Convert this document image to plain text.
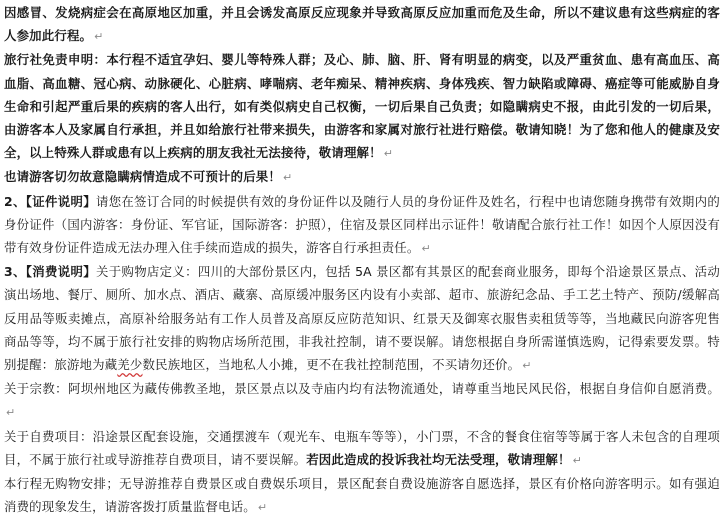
因感冒、发烧病症会在高原地区加重，并且会诱发高原反应现象并导致高原反应加重而危及生命，所以不建议患有这些病症的客人参加此行程。 ↵

旅行社免责申明：本行程不适宜孕妇、婴儿等特殊人群；及心、肺、脑、肝、肾有明显的病变，以及严重贫血、患有高血压、高血脂、高血糖、冠心病、动脉硬化、心脏病、哮喘病、老年痴呆、精神疾病、身体残疾、智力缺陷或障碍、癌症等可能威胁自身生命和引起严重后果的疾病的客人出行，如有类似病史自己权衡，一切后果自己负责；如隐瞒病史不报，由此引发的一切后果，由游客本人及家属自行承担，并且如给旅行社带来损失，由游客和家属对旅行社进行赔偿。敬请知晓！为了您和他人的健康及安全，以上特殊人群或患有以上疾病的朋友我社无法接待，敬请理解！ ↵

也请游客切勿故意隐瞒病情造成不可预计的后果！ ↵

2、【证件说明】请您在签订合同的时候提供有效的身份证件以及随行人员的身份证件及姓名，行程中也请您随身携带有效期内的身份证件（国内游客：身份证、军官证，国际游客：护照），住宿及景区同样出示证件！敬请配合旅行社工作！如因个人原因没有带有效身份证件造成无法办理入住手续而造成的损失，游客自行承担责任。 ↵

3、【消费说明】关于购物店定义：四川的大部份景区内，包括 5A 景区都有其景区的配套商业服务，即每个沿途景区景点、活动演出场地、餐厅、厕所、加水点、酒店、藏寨、高原缓冲服务区内设有小卖部、超市、旅游纪念品、手工艺土特产、预防/缓解高反用品等贩卖摊点，高原补给服务站有工作人员普及高原反应防范知识、红景天及御寒衣服售卖租赁等等，当地藏民向游客兜售商品等等，均不属于旅行社安排的购物店场所范围，非我社控制，请不要误解。请您根据自身所需谨慎选购，记得索要发票。特别提醒：旅游地为藏羌少数民族地区，当地私人小摊，更不在我社控制范围，不买请勿还价。 ↵

关于宗教：阿坝州地区为藏传佛教圣地，景区景点以及寺庙内均有法物流通处，请尊重当地民风民俗，根据自身信仰自愿消费。↵

关于自费项目：沿途景区配套设施，交通摆渡车（观光车、电瓶车等等），小门票，不含的餐食住宿等等属于客人未包含的自理项目，不属于旅行社或导游推荐自费项目，请不要误解。若因此造成的投诉我社均无法受理，敬请理解！ ↵

本行程无购物安排；无导游推荐自费景区或自费娱乐项目，景区配套自费设施游客自愿选择，景区有价格向游客明示。如有强迫消费的现象发生，请游客拨打质量监督电话。 ↵
